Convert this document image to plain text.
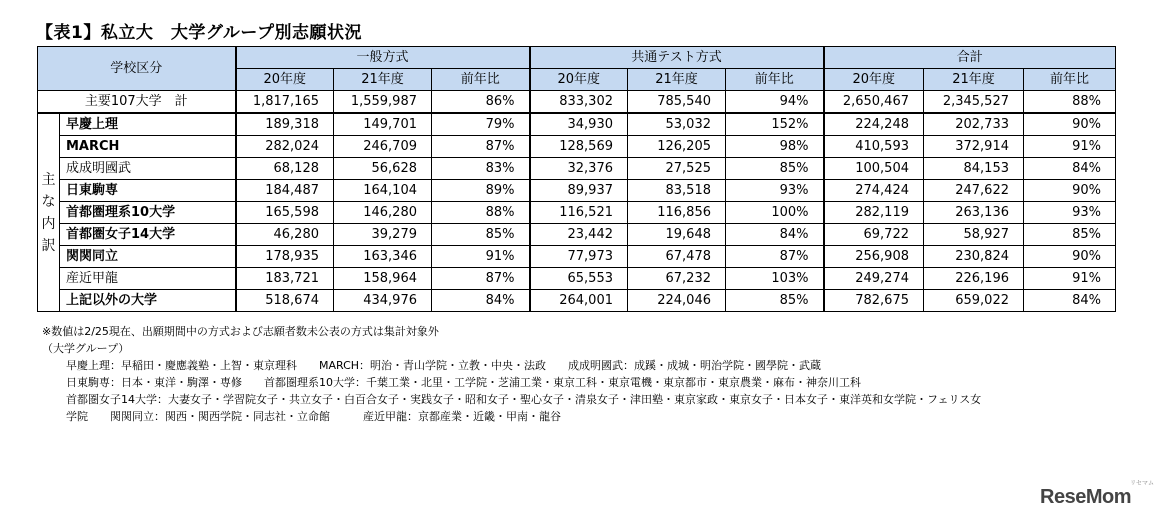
【表1】私立大　大学グループ別志願状況
学校区分		一般方式			共通テスト方式			合計		
		20年度	21年度	前年比	20年度	21年度	前年比	20年度	21年度	前年比
主要107大学　計		1,817,165	1,559,987	86%	833,302	785,540	94%	2,650,467	2,345,527	88%
主な内訳	早慶上理	189,318	149,701	79%	34,930	53,032	152%	224,248	202,733	90%
	MARCH	282,024	246,709	87%	128,569	126,205	98%	410,593	372,914	91%
	成成明國武	68,128	56,628	83%	32,376	27,525	85%	100,504	84,153	84%
	日東駒専	184,487	164,104	89%	89,937	83,518	93%	274,424	247,622	90%
	首都圏理系10大学	165,598	146,280	88%	116,521	116,856	100%	282,119	263,136	93%
	首都圏女子14大学	46,280	39,279	85%	23,442	19,648	84%	69,722	58,927	85%
	関関同立	178,935	163,346	91%	77,973	67,478	87%	256,908	230,824	90%
	産近甲龍	183,721	158,964	87%	65,553	67,232	103%	249,274	226,196	91%
	上記以外の大学	518,674	434,976	84%	264,001	224,046	85%	782,675	659,022	84%
※数値は2/25現在、出願期間中の方式および志願者数未公表の方式は集計対象外
（大学グループ）
早慶上理：早稲田・慶應義塾・上智・東京理科　　MARCH：明治・青山学院・立教・中央・法政　　成成明國武：成蹊・成城・明治学院・國學院・武蔵
日東駒専：日本・東洋・駒澤・専修　　首都圏理系10大学：千葉工業・北里・工学院・芝浦工業・東京工科・東京電機・東京都市・東京農業・麻布・神奈川工科
首都圏女子14大学：大妻女子・学習院女子・共立女子・白百合女子・実践女子・昭和女子・聖心女子・清泉女子・津田塾・東京家政・東京女子・日本女子・東洋英和女学院・フェリス女
学院　　関関同立：関西・関西学院・同志社・立命館　　　産近甲龍：京都産業・近畿・甲南・龍谷
リセマム
ReseMom
